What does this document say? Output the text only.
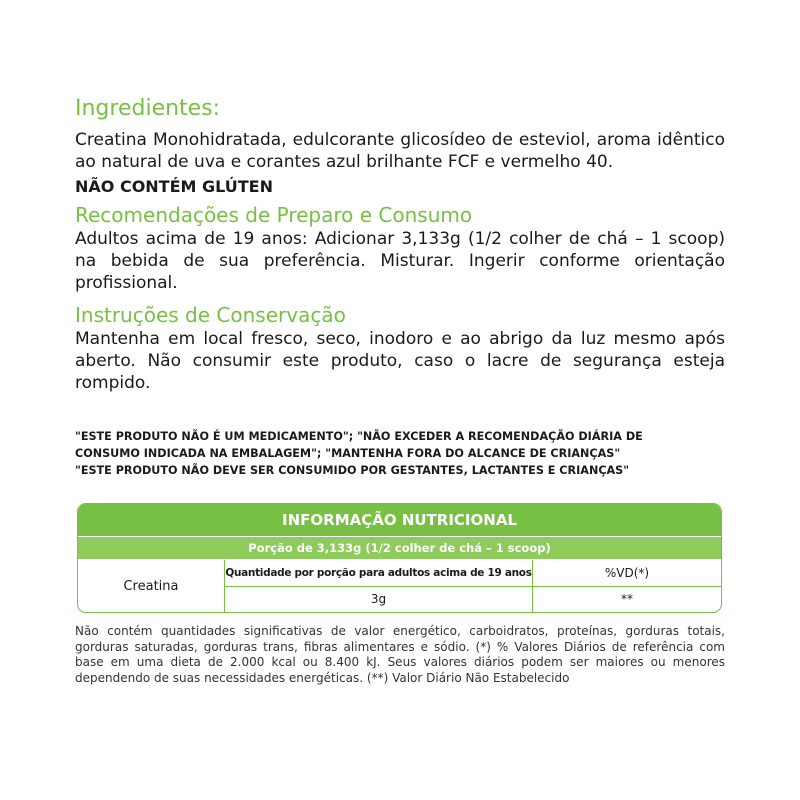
Ingredientes:

Creatina Monohidratada, edulcorante glicosídeo de esteviol, aroma idêntico ao natural de uva e corantes azul brilhante FCF e vermelho 40.

NÃO CONTÉM GLÚTEN

Recomendações de Preparo e Consumo

Adultos acima de 19 anos: Adicionar 3,133g (1/2 colher de chá – 1 scoop) na bebida de sua preferência. Misturar. Ingerir conforme orientação profissional.

Instruções de Conservação

Mantenha em local fresco, seco, inodoro e ao abrigo da luz mesmo após aberto. Não consumir este produto, caso o lacre de segurança esteja rompido.

"ESTE PRODUTO NÃO É UM MEDICAMENTO"; "NÃO EXCEDER A RECOMENDAÇÃO DIÁRIA DE
CONSUMO INDICADA NA EMBALAGEM"; "MANTENHA FORA DO ALCANCE DE CRIANÇAS"
"ESTE PRODUTO NÃO DEVE SER CONSUMIDO POR GESTANTES, LACTANTES E CRIANÇAS"
INFORMAÇÃO NUTRICIONAL
Porção de 3,133g (1/2 colher de chá – 1 scoop)
Creatina
Quantidade por porção para adultos acima de 19 anos	%VD(*)
3g	**

Não contém quantidades significativas de valor energético, carboidratos, proteínas, gorduras totais, gorduras saturadas, gorduras trans, fibras alimentares e sódio. (*) % Valores Diários de referência com base em uma dieta de 2.000 kcal ou 8.400 kJ. Seus valores diários podem ser maiores ou menores dependendo de suas necessidades energéticas. (**) Valor Diário Não Estabelecido
